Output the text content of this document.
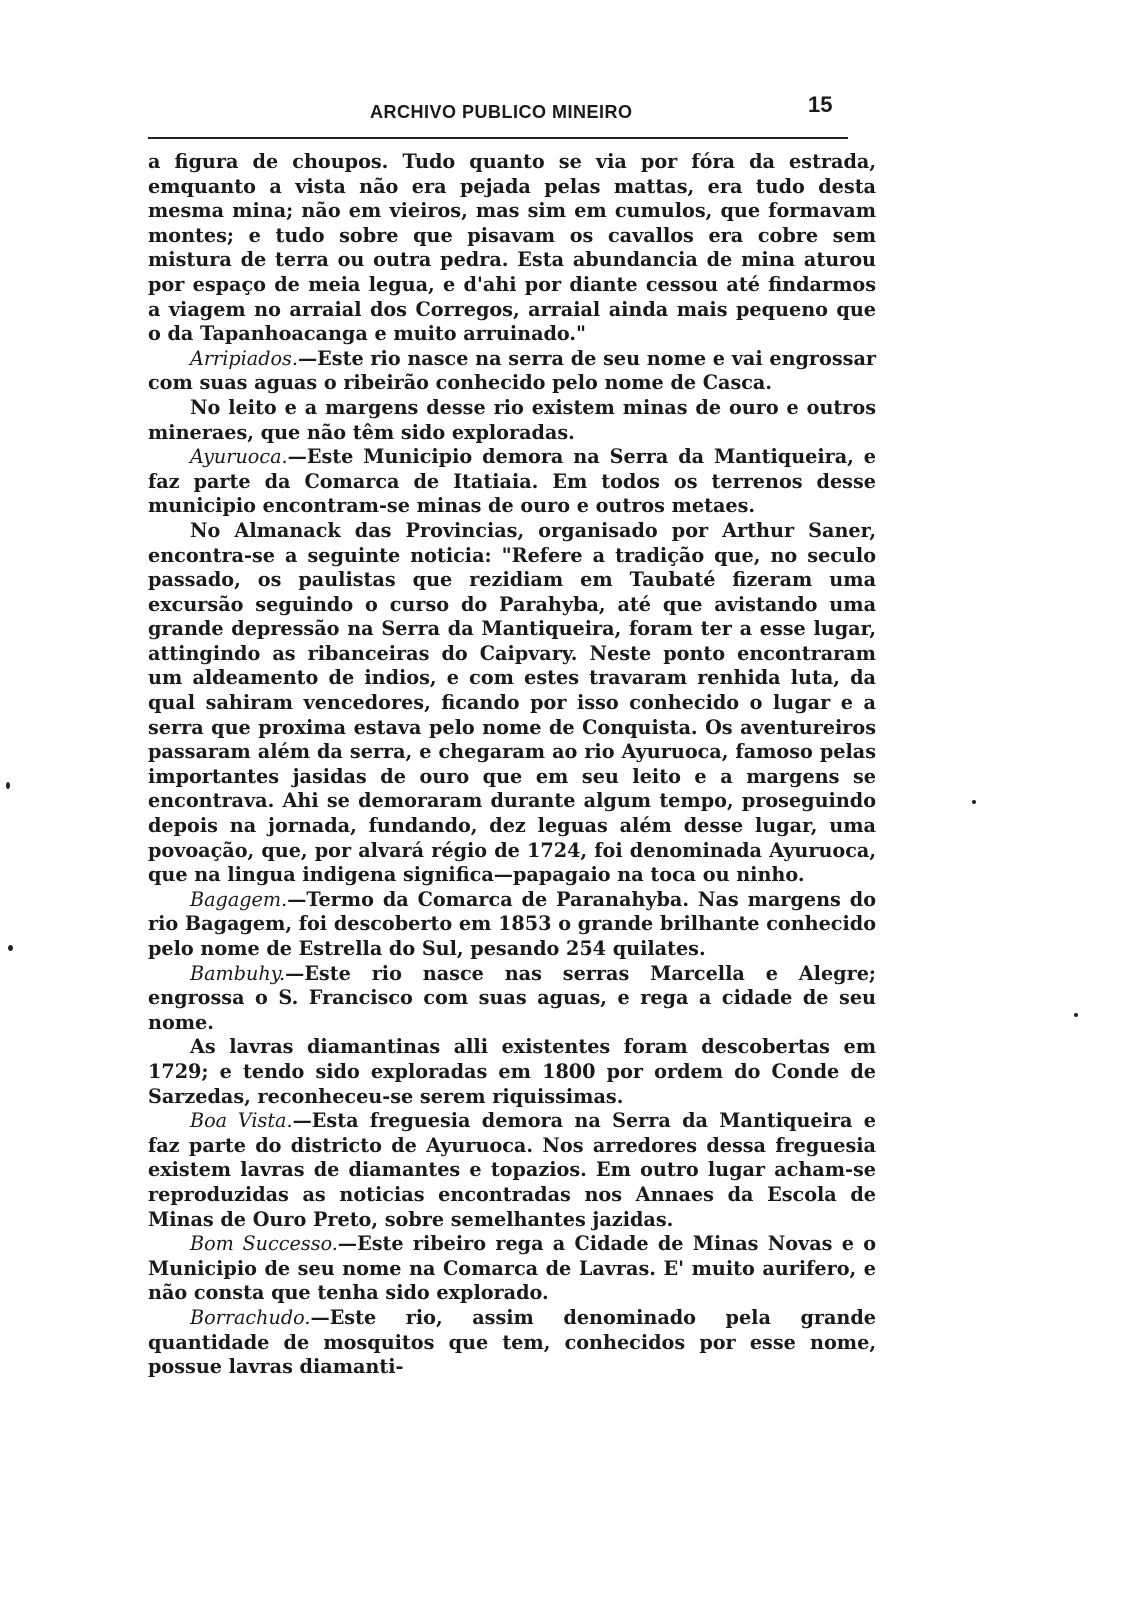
ARCHIVO PUBLICO MINEIRO	15

a figura de choupos. Tudo quanto se via por fóra da estrada, emquanto a vista não era pejada pelas mattas, era tudo desta mesma mina; não em vieiros, mas sim em cumulos, que formavam montes; e tudo sobre que pisavam os cavallos era cobre sem mistura de terra ou outra pedra. Esta abundancia de mina aturou por espaço de meia legua, e d'ahi por diante cessou até findarmos a viagem no arraial dos Corregos, arraial ainda mais pequeno que o da Tapanhoacanga e muito arruinado."

Arripiados.—Este rio nasce na serra de seu nome e vai engrossar com suas aguas o ribeirão conhecido pelo nome de Casca.

No leito e a margens desse rio existem minas de ouro e outros mineraes, que não têm sido exploradas.

Ayuruoca.—Este Municipio demora na Serra da Mantiqueira, e faz parte da Comarca de Itatiaia. Em todos os terrenos desse municipio encontram-se minas de ouro e outros metaes.

No Almanack das Provincias, organisado por Arthur Saner, encontra-se a seguinte noticia: "Refere a tradição que, no seculo passado, os paulistas que rezidiam em Taubaté fizeram uma excursão seguindo o curso do Parahyba, até que avistando uma grande depressão na Serra da Mantiqueira, foram ter a esse lugar, attingindo as ribanceiras do Caipvary. Neste ponto encontraram um aldeamento de indios, e com estes travaram renhida luta, da qual sahiram vencedores, ficando por isso conhecido o lugar e a serra que proxima estava pelo nome de Conquista. Os aventureiros passaram além da serra, e chegaram ao rio Ayuruoca, famoso pelas importantes jasidas de ouro que em seu leito e a margens se encontrava. Ahi se demoraram durante algum tempo, proseguindo depois na jornada, fundando, dez leguas além desse lugar, uma povoação, que, por alvará régio de 1724, foi denominada Ayuruoca, que na lingua indigena significa—papagaio na toca ou ninho.

Bagagem.—Termo da Comarca de Paranahyba. Nas margens do rio Bagagem, foi descoberto em 1853 o grande brilhante conhecido pelo nome de Estrella do Sul, pesando 254 quilates.

Bambuhy.—Este rio nasce nas serras Marcella e Alegre; engrossa o S. Francisco com suas aguas, e rega a cidade de seu nome.

As lavras diamantinas alli existentes foram descobertas em 1729; e tendo sido exploradas em 1800 por ordem do Conde de Sarzedas, reconheceu-se serem riquissimas.

Boa Vista.—Esta freguesia demora na Serra da Mantiqueira e faz parte do districto de Ayuruoca. Nos arredores dessa freguesia existem lavras de diamantes e topazios. Em outro lugar acham-se reproduzidas as noticias encontradas nos Annaes da Escola de Minas de Ouro Preto, sobre semelhantes jazidas.

Bom Successo.—Este ribeiro rega a Cidade de Minas Novas e o Municipio de seu nome na Comarca de Lavras. E' muito aurifero, e não consta que tenha sido explorado.

Borrachudo.—Este rio, assim denominado pela grande quantidade de mosquitos que tem, conhecidos por esse nome, possue lavras diamanti-
